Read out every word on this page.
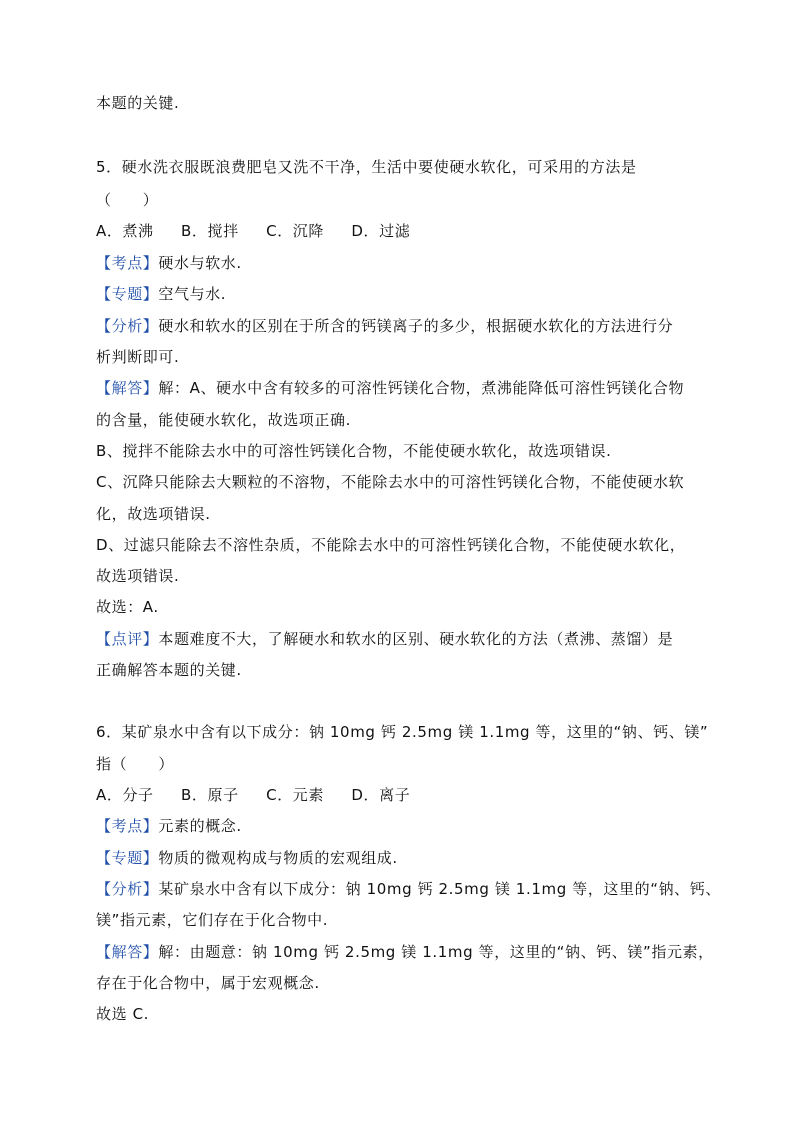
本题的关键.
5．硬水洗衣服既浪费肥皂又洗不干净，生活中要使硬水软化，可采用的方法是
（　　）
A．煮沸 B．搅拌 C．沉降 D．过滤
【考点】硬水与软水.
【专题】空气与水.
【分析】硬水和软水的区别在于所含的钙镁离子的多少，根据硬水软化的方法进行分
析判断即可.
【解答】解：A、硬水中含有较多的可溶性钙镁化合物，煮沸能降低可溶性钙镁化合物
的含量，能使硬水软化，故选项正确.
B、搅拌不能除去水中的可溶性钙镁化合物，不能使硬水软化，故选项错误.
C、沉降只能除去大颗粒的不溶物，不能除去水中的可溶性钙镁化合物，不能使硬水软
化，故选项错误.
D、过滤只能除去不溶性杂质，不能除去水中的可溶性钙镁化合物，不能使硬水软化，
故选项错误.
故选：A.
【点评】本题难度不大，了解硬水和软水的区别、硬水软化的方法（煮沸、蒸馏）是
正确解答本题的关键.
6．某矿泉水中含有以下成分：钠 10mg 钙 2.5mg 镁 1.1mg 等，这里的“钠、钙、镁”
指（　　）
A．分子 B．原子 C．元素 D．离子
【考点】元素的概念.
【专题】物质的微观构成与物质的宏观组成.
【分析】某矿泉水中含有以下成分：钠 10mg 钙 2.5mg 镁 1.1mg 等，这里的“钠、钙、
镁”指元素，它们存在于化合物中.
【解答】解：由题意：钠 10mg 钙 2.5mg 镁 1.1mg 等，这里的“钠、钙、镁”指元素，
存在于化合物中，属于宏观概念.
故选 C.
